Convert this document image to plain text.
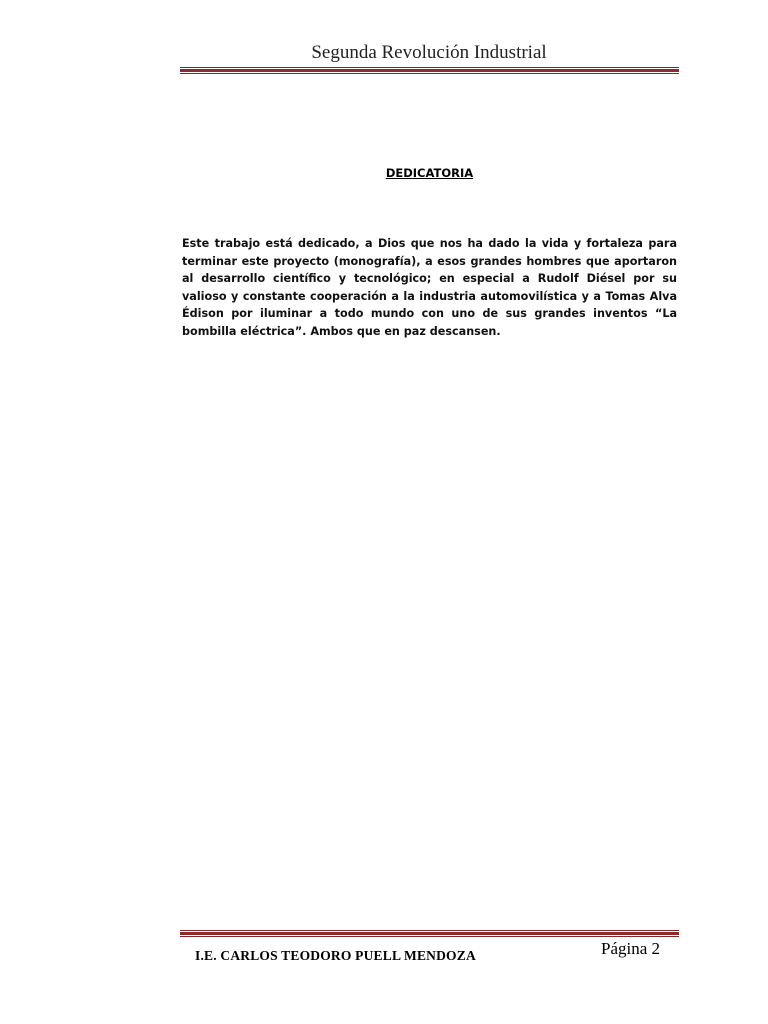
Segunda Revolución Industrial
DEDICATORIA
Este trabajo está dedicado, a Dios que nos ha dado la vida y fortaleza para terminar este proyecto (monografía), a esos grandes hombres que aportaron al desarrollo científico y tecnológico; en especial a Rudolf Diésel por su valioso y constante cooperación a la industria automovilística y a Tomas Alva Édison por iluminar a todo mundo con uno de sus grandes inventos “La bombilla eléctrica”. Ambos que en paz descansen.
I.E. CARLOS TEODORO PUELL MENDOZA	Página 2
